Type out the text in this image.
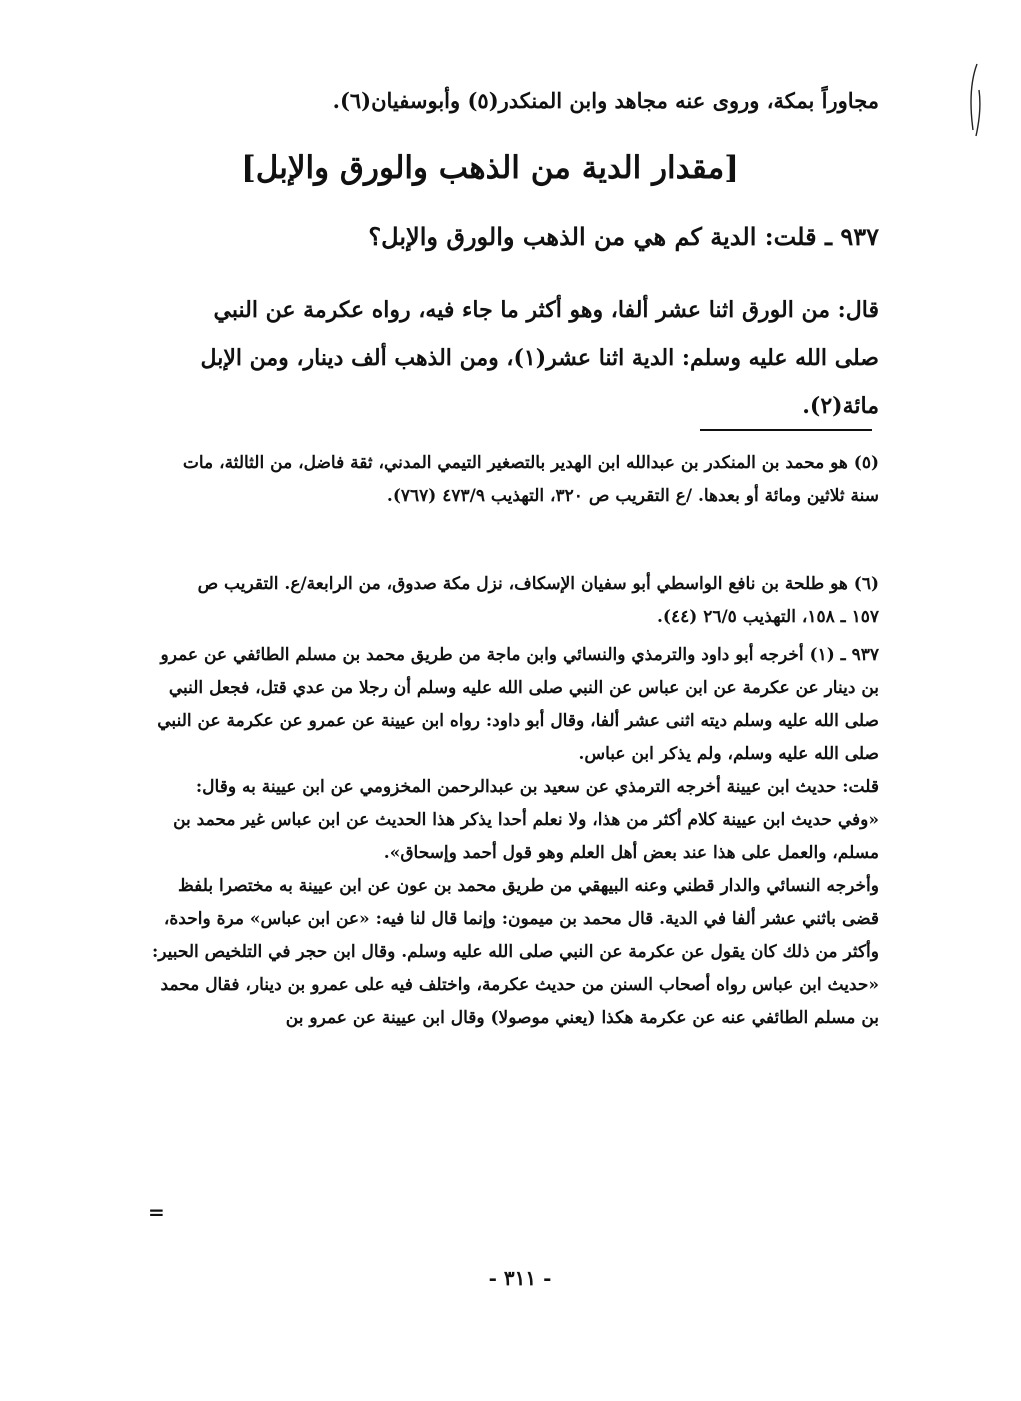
مجاوراً بمكة، وروى عنه مجاهد وابن المنكدر(٥) وأبوسفيان(٦).
[مقدار الدية من الذهب والورق والإبل]
٩٣٧ ـ قلت: الدية كم هي من الذهب والورق والإبل؟
قال: من الورق اثنا عشر ألفا، وهو أكثر ما جاء فيه، رواه عكرمة عن النبي صلى الله عليه وسلم: الدية اثنا عشر(١)، ومن الذهب ألف دينار، ومن الإبل مائة(٢).
(٥) هو محمد بن المنكدر بن عبدالله ابن الهدير بالتصغير التيمي المدني، ثقة فاضل، من الثالثة، مات سنة ثلاثين ومائة أو بعدها. /ع التقريب ص ٣٢٠، التهذيب ٤٧٣/٩ (٧٦٧).
(٦) هو طلحة بن نافع الواسطي أبو سفيان الإسكاف، نزل مكة صدوق، من الرابعة/ع. التقريب ص ١٥٧ ـ ١٥٨، التهذيب ٢٦/٥ (٤٤).

٩٣٧ ـ (١) أخرجه أبو داود والترمذي والنسائي وابن ماجة من طريق محمد بن مسلم الطائفي عن عمرو بن دينار عن عكرمة عن ابن عباس عن النبي صلى الله عليه وسلم أن رجلا من عدي قتل، فجعل النبي صلى الله عليه وسلم ديته اثنى عشر ألفا، وقال أبو داود: رواه ابن عيينة عن عمرو عن عكرمة عن النبي صلى الله عليه وسلم، ولم يذكر ابن عباس.

قلت: حديث ابن عيينة أخرجه الترمذي عن سعيد بن عبدالرحمن المخزومي عن ابن عيينة به وقال: «وفي حديث ابن عيينة كلام أكثر من هذا، ولا نعلم أحدا يذكر هذا الحديث عن ابن عباس غير محمد بن مسلم، والعمل على هذا عند بعض أهل العلم وهو قول أحمد وإسحاق».

وأخرجه النسائي والدار قطني وعنه البيهقي من طريق محمد بن عون عن ابن عيينة به مختصرا بلفظ قضى باثني عشر ألفا في الدية. قال محمد بن ميمون: وإنما قال لنا فيه: «عن ابن عباس» مرة واحدة، وأكثر من ذلك كان يقول عن عكرمة عن النبي صلى الله عليه وسلم. وقال ابن حجر في التلخيص الحبير: «حديث ابن عباس رواه أصحاب السنن من حديث عكرمة، واختلف فيه على عمرو بن دينار، فقال محمد بن مسلم الطائفي عنه عن عكرمة هكذا (يعني موصولا) وقال ابن عيينة عن عمرو بن

=
- ٣١١ -
